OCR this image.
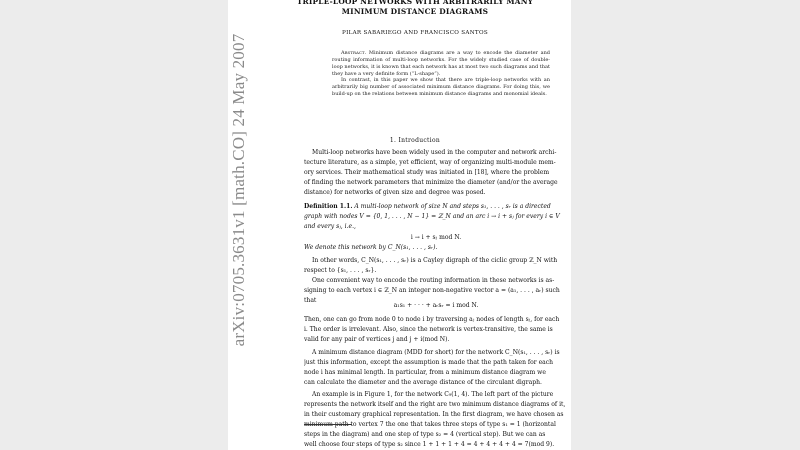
arXiv:0705.3631v1 [math.CO] 24 May 2007
TRIPLE-LOOP NETWORKS WITH ARBITRARILY MANY
MINIMUM DISTANCE DIAGRAMS
PILAR SABARIEGO AND FRANCISCO SANTOS

Abstract. Minimum distance diagrams are a way to encode the diameter and routing information of multi-loop networks. For the widely studied case of double-loop networks, it is known that each network has at most two such diagrams and that they have a very definite form (“L-shape”).

In contrast, in this paper we show that there are triple-loop networks with an arbitrarily big number of associated minimum distance diagrams. For doing this, we build-up on the relations between minimum distance diagrams and monomial ideals.

1. Introduction
Multi-loop networks have been widely used in the computer and network archi-
tecture literature, as a simple, yet efficient, way of organizing multi-module mem-
ory services. Their mathematical study was initiated in [18], where the problem
of finding the network parameters that minimize the diameter (and/or the average
distance) for networks of given size and degree was posed.
Definition 1.1. A multi-loop network of size N and steps s₁, . . . , sᵣ is a directed
graph with nodes V = {0, 1, . . . , N − 1} = ℤ_N and an arc i → i + sⱼ for every i ∈ V
and every sⱼ, i.e.,
i → i + sⱼ mod N.
We denote this network by C_N(s₁, . . . , sᵣ).
In other words, C_N(s₁, . . . , sᵣ) is a Cayley digraph of the ciclic group ℤ_N with
respect to {s₁, . . . , sᵣ}.
One convenient way to encode the routing information in these networks is as-
signing to each vertex i ∈ ℤ_N an integer non-negative vector a = (a₁, . . . , aᵣ) such
that
a₁s₁ + · · · + aᵣsᵣ = i mod N.
Then, one can go from node 0 to node i by traversing aⱼ nodes of length sⱼ, for each
i. The order is irrelevant. Also, since the network is vertex-transitive, the same is
valid for any pair of vertices j and j + i(mod N).
A minimum distance diagram (MDD for short) for the network C_N(s₁, . . . , sᵣ) is
just this information, except the assumption is made that the path taken for each
node i has minimal length. In particular, from a minimum distance diagram we
can calculate the diameter and the average distance of the circulant digraph.
An example is in Figure 1, for the network C₉(1, 4). The left part of the picture
represents the network itself and the right are two minimum distance diagrams of it,
in their customary graphical representation. In the first diagram, we have chosen as
minimum path to vertex 7 the one that takes three steps of type s₁ = 1 (horizontal
steps in the diagram) and one step of type s₂ = 4 (vertical step). But we can as
well choose four steps of type s₂ since 1 + 1 + 1 + 4 = 4 + 4 + 4 + 4 = 7(mod 9).
